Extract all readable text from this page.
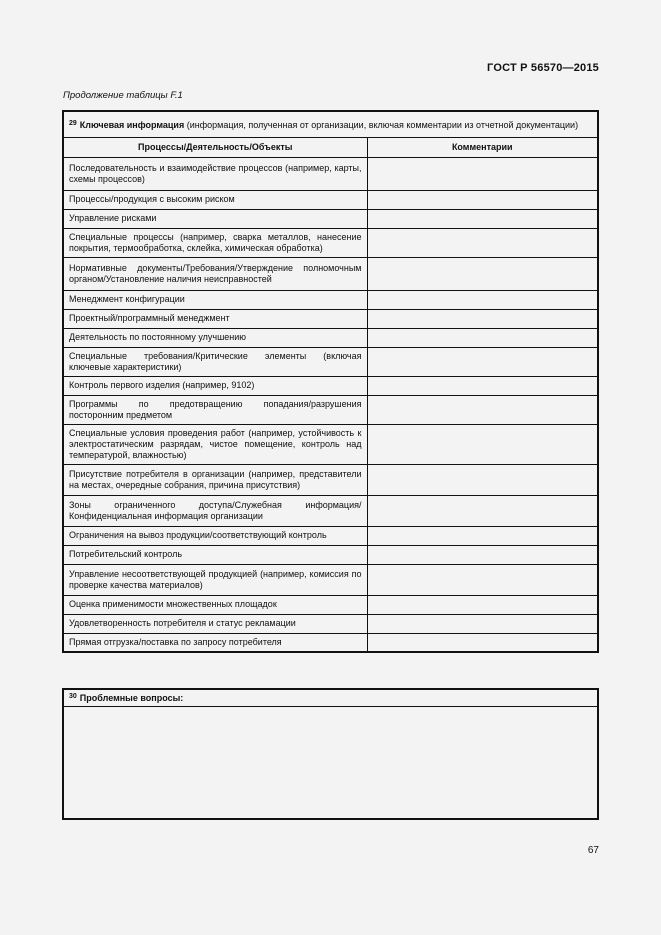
ГОСТ Р 56570—2015
Продолжение таблицы F.1
$^{29}$ Ключевая информация (информация, полученная от организации, включая комментарии из отчетной документации)	
Процессы/Деятельность/Объекты	Комментарии
Последовательность и взаимодействие процессов (например, карты, схемы процессов)	
Процессы/продукция с высоким риском	
Управление рисками	
Специальные процессы (например, сварка металлов, нанесение покрытия, термообработка, склейка, химическая обработка)	
Нормативные документы/Требования/Утверждение полномочным органом/Установление наличия неисправностей	
Менеджмент конфигурации	
Проектный/программный менеджмент	
Деятельность по постоянному улучшению	
Специальные требования/Критические элементы (включая ключевые характеристики)	
Контроль первого изделия (например, 9102)	
Программы по предотвращению попадания/разрушения посторонним предметом	
Специальные условия проведения работ (например, устойчивость к электростатическим разрядам, чистое помещение, контроль над температурой, влажностью)	
Присутствие потребителя в организации (например, представители на местах, очередные собрания, причина присутствия)	
Зоны ограниченного доступа/Служебная информация/Конфиденциальная информация организации	
Ограничения на вывоз продукции/соответствующий контроль	
Потребительский контроль	
Управление несоответствующей продукцией (например, комиссия по проверке качества материалов)	
Оценка применимости множественных площадок	
Удовлетворенность потребителя и статус рекламации	
Прямая отгрузка/поставка по запросу потребителя	
$^{30}$ Проблемные вопросы:

67
